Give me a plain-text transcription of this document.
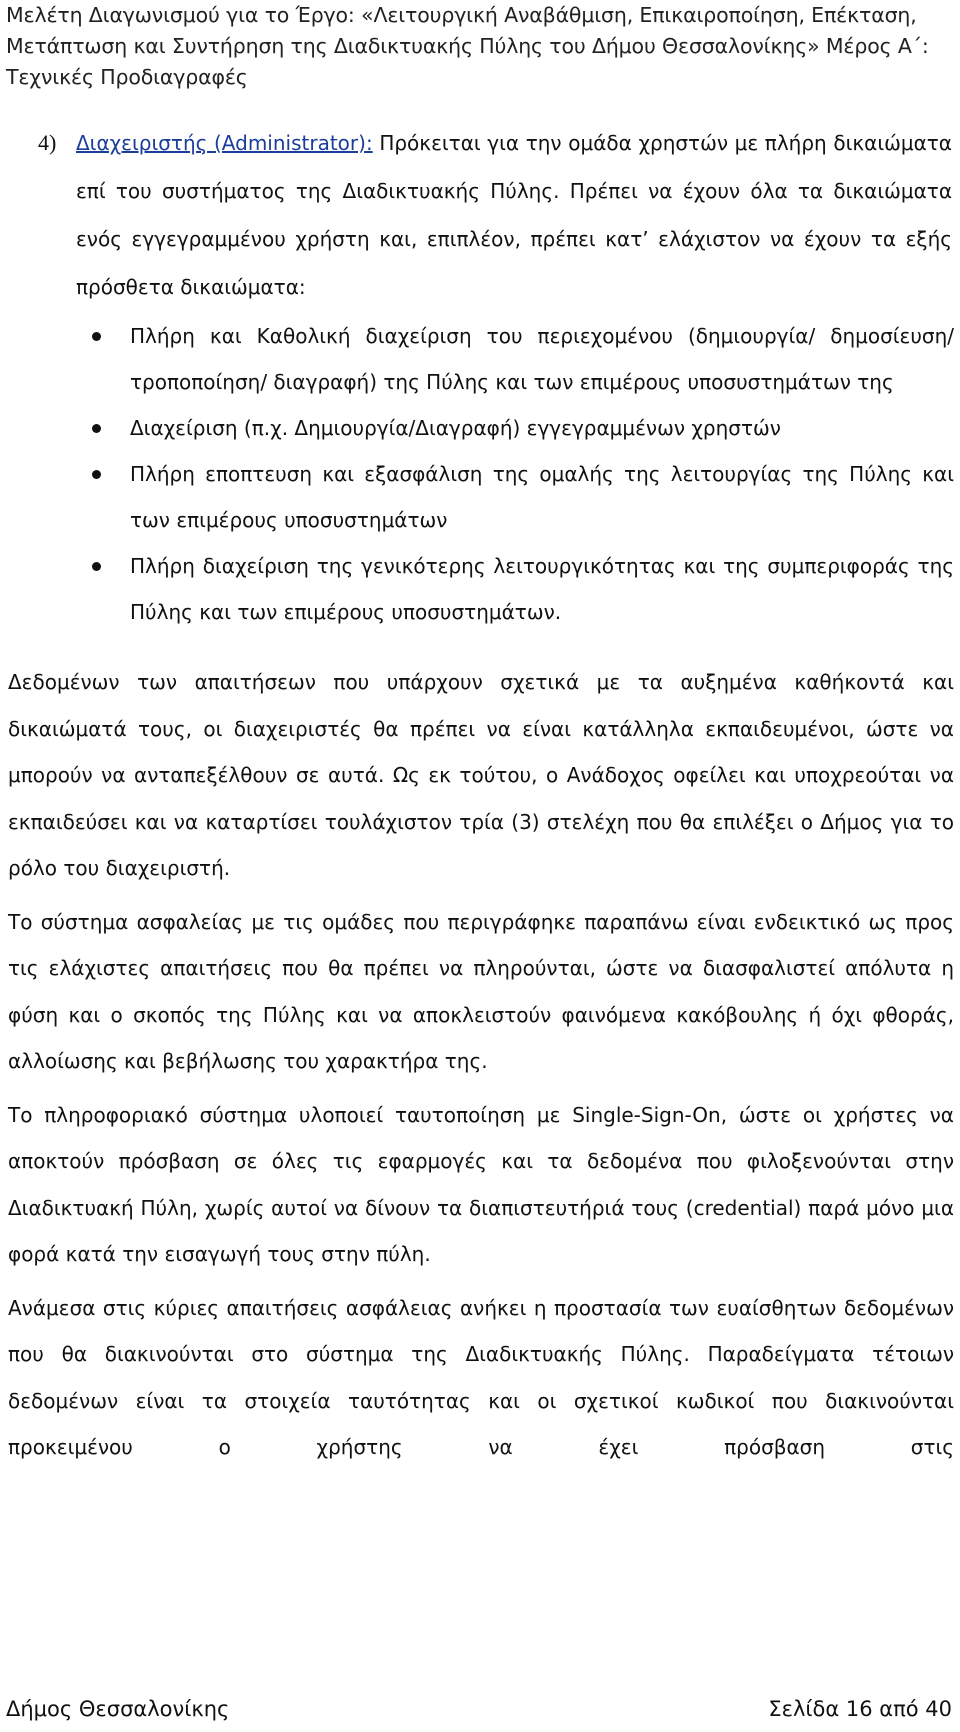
Μελέτη Διαγωνισμού για το Έργο: «Λειτουργική Αναβάθμιση, Επικαιροποίηση, Επέκταση,
Μετάπτωση και Συντήρηση της Διαδικτυακής Πύλης του Δήμου Θεσσαλονίκης» Μέρος Α΄:
Τεχνικές Προδιαγραφές
4) Διαχειριστής (Administrator): Πρόκειται για την ομάδα χρηστών με πλήρη δικαιώματα επί του συστήματος της Διαδικτυακής Πύλης. Πρέπει να έχουν όλα τα δικαιώματα ενός εγγεγραμμένου χρήστη και, επιπλέον, πρέπει κατ’ ελάχιστον να έχουν τα εξής πρόσθετα δικαιώματα:
Πλήρη και Καθολική διαχείριση του περιεχομένου (δημιουργία/ δημοσίευση/ τροποποίηση/ διαγραφή) της Πύλης και των επιμέρους υποσυστημάτων της
Διαχείριση (π.χ. Δημιουργία/Διαγραφή) εγγεγραμμένων χρηστών
Πλήρη εποπτευση και εξασφάλιση της ομαλής της λειτουργίας της Πύλης και των επιμέρους υποσυστημάτων
Πλήρη διαχείριση της γενικότερης λειτουργικότητας και της συμπεριφοράς της Πύλης και των επιμέρους υποσυστημάτων.

Δεδομένων των απαιτήσεων που υπάρχουν σχετικά με τα αυξημένα καθήκοντά και δικαιώματά τους, οι διαχειριστές θα πρέπει να είναι κατάλληλα εκπαιδευμένοι, ώστε να μπορούν να ανταπεξέλθουν σε αυτά. Ως εκ τούτου, ο Ανάδοχος οφείλει και υποχρεούται να εκπαιδεύσει και να καταρτίσει τουλάχιστον τρία (3) στελέχη που θα επιλέξει ο Δήμος για το ρόλο του διαχειριστή.

Το σύστημα ασφαλείας με τις ομάδες που περιγράφηκε παραπάνω είναι ενδεικτικό ως προς τις ελάχιστες απαιτήσεις που θα πρέπει να πληρούνται, ώστε να διασφαλιστεί απόλυτα η φύση και ο σκοπός της Πύλης και να αποκλειστούν φαινόμενα κακόβουλης ή όχι φθοράς, αλλοίωσης και βεβήλωσης του χαρακτήρα της.

Το πληροφοριακό σύστημα υλοποιεί ταυτοποίηση με Single-Sign-On, ώστε οι χρήστες να αποκτούν πρόσβαση σε όλες τις εφαρμογές και τα δεδομένα που φιλοξενούνται στην Διαδικτυακή Πύλη, χωρίς αυτοί να δίνουν τα διαπιστευτήριά τους (credential) παρά μόνο μια φορά κατά την εισαγωγή τους στην πύλη.

Ανάμεσα στις κύριες απαιτήσεις ασφάλειας ανήκει η προστασία των ευαίσθητων δεδομένων που θα διακινούνται στο σύστημα της Διαδικτυακής Πύλης. Παραδείγματα τέτοιων δεδομένων είναι τα στοιχεία ταυτότητας και οι σχετικοί κωδικοί που διακινούνται προκειμένου ο χρήστης να έχει πρόσβαση στις

Δήμος Θεσσαλονίκης	Σελίδα 16 από 40
